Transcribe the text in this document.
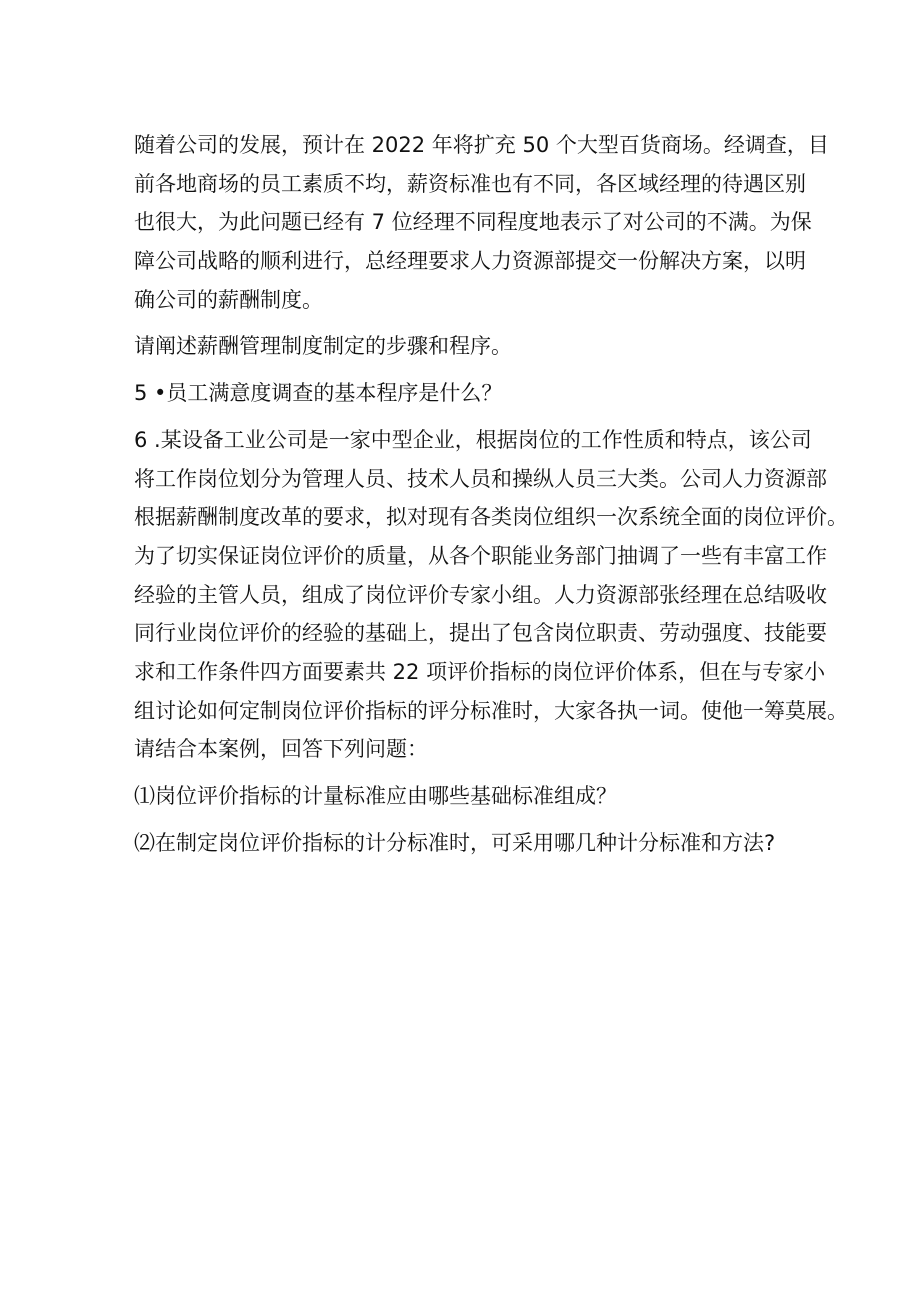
随着公司的发展，预计在 2022 年将扩充 50 个大型百货商场。经调查，目
前各地商场的员工素质不均，薪资标准也有不同，各区域经理的待遇区别
也很大，为此问题已经有 7 位经理不同程度地表示了对公司的不满。为保
障公司战略的顺利进行，总经理要求人力资源部提交一份解决方案，以明
确公司的薪酬制度。
请阐述薪酬管理制度制定的步骤和程序。
5 •员工满意度调查的基本程序是什么？
6 .某设备工业公司是一家中型企业，根据岗位的工作性质和特点，该公司
将工作岗位划分为管理人员、技术人员和操纵人员三大类。公司人力资源部
根据薪酬制度改革的要求，拟对现有各类岗位组织一次系统全面的岗位评价。
为了切实保证岗位评价的质量，从各个职能业务部门抽调了一些有丰富工作
经验的主管人员，组成了岗位评价专家小组。人力资源部张经理在总结吸收
同行业岗位评价的经验的基础上，提出了包含岗位职责、劳动强度、技能要
求和工作条件四方面要素共 22 项评价指标的岗位评价体系，但在与专家小
组讨论如何定制岗位评价指标的评分标准时，大家各执一词。使他一筹莫展。
请结合本案例，回答下列问题：
⑴岗位评价指标的计量标准应由哪些基础标准组成？
⑵在制定岗位评价指标的计分标准时，可采用哪几种计分标准和方法?
